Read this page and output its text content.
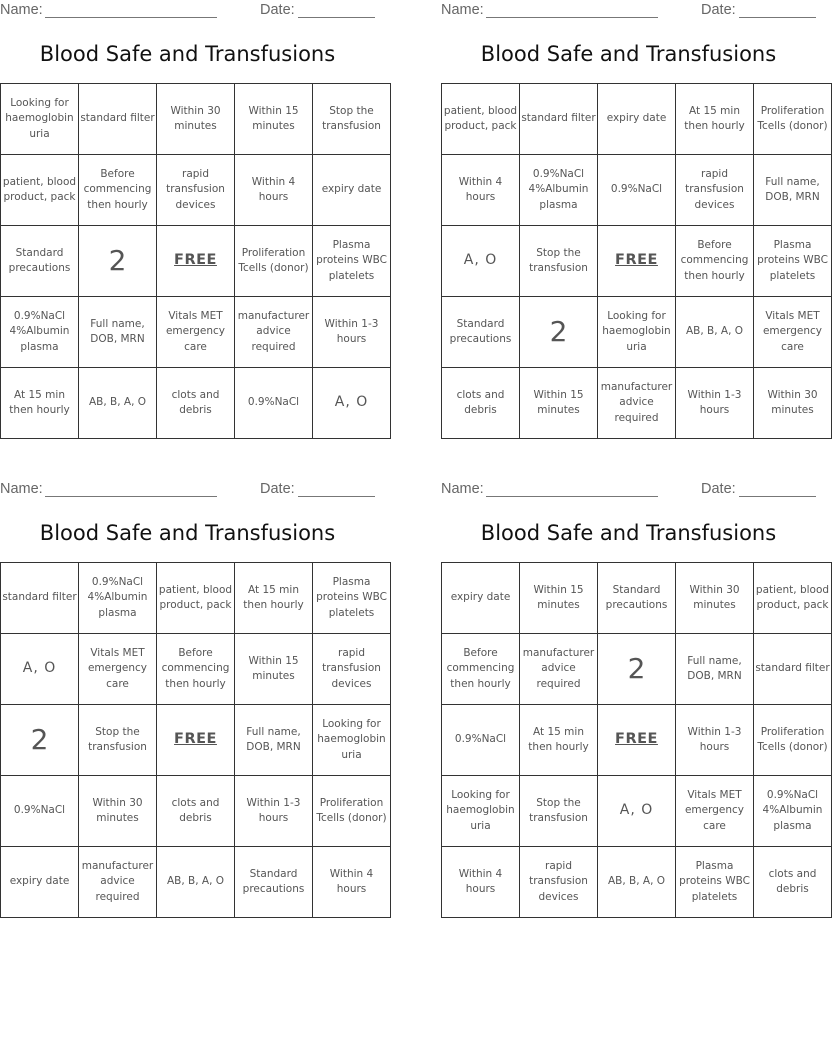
Name:	Date:
Blood Safe and Transfusions
Looking for haemoglobinuria	standard filter	Within 30 minutes	Within 15 minutes	Stop the transfusion
patient, blood product, pack	Before commencing then hourly	rapid transfusion devices	Within 4 hours	expiry date
Standard precautions	2	FREE	Proliferation Tcells (donor)	Plasma proteins WBC platelets
0.9%NaCl 4%Albumin plasma	Full name, DOB, MRN	Vitals MET emergency care	manufacturer advice required	Within 1-3 hours
At 15 min then hourly	AB, B, A, O	clots and debris	0.9%NaCl	A, O
Name:	Date:
Blood Safe and Transfusions
patient, blood product, pack	standard filter	expiry date	At 15 min then hourly	Proliferation Tcells (donor)
Within 4 hours	0.9%NaCl 4%Albumin plasma	0.9%NaCl	rapid transfusion devices	Full name, DOB, MRN
A, O	Stop the transfusion	FREE	Before commencing then hourly	Plasma proteins WBC platelets
Standard precautions	2	Looking for haemoglobinuria	AB, B, A, O	Vitals MET emergency care
clots and debris	Within 15 minutes	manufacturer advice required	Within 1-3 hours	Within 30 minutes
Name:	Date:
Blood Safe and Transfusions
standard filter	0.9%NaCl 4%Albumin plasma	patient, blood product, pack	At 15 min then hourly	Plasma proteins WBC platelets
A, O	Vitals MET emergency care	Before commencing then hourly	Within 15 minutes	rapid transfusion devices
2	Stop the transfusion	FREE	Full name, DOB, MRN	Looking for haemoglobinuria
0.9%NaCl	Within 30 minutes	clots and debris	Within 1-3 hours	Proliferation Tcells (donor)
expiry date	manufacturer advice required	AB, B, A, O	Standard precautions	Within 4 hours
Name:	Date:
Blood Safe and Transfusions
expiry date	Within 15 minutes	Standard precautions	Within 30 minutes	patient, blood product, pack
Before commencing then hourly	manufacturer advice required	2	Full name, DOB, MRN	standard filter
0.9%NaCl	At 15 min then hourly	FREE	Within 1-3 hours	Proliferation Tcells (donor)
Looking for haemoglobinuria	Stop the transfusion	A, O	Vitals MET emergency care	0.9%NaCl 4%Albumin plasma
Within 4 hours	rapid transfusion devices	AB, B, A, O	Plasma proteins WBC platelets	clots and debris
